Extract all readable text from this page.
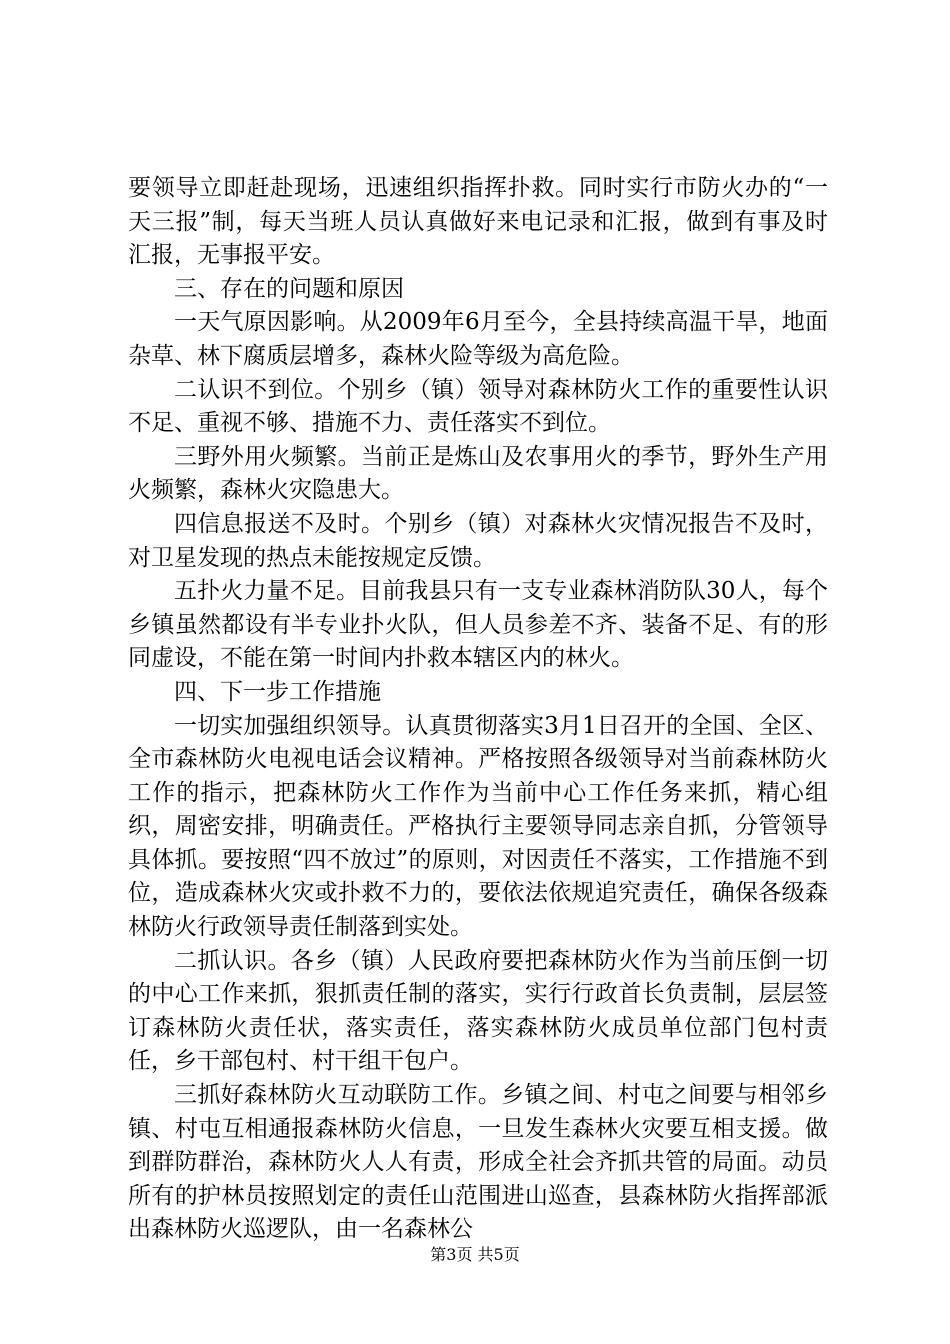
要领导立即赶赴现场，迅速组织指挥扑救。同时实行市防火办的“一天三报”制，每天当班人员认真做好来电记录和汇报，做到有事及时汇报，无事报平安。

三、存在的问题和原因

一天气原因影响。从2009年6月至今，全县持续高温干旱，地面杂草、林下腐质层增多，森林火险等级为高危险。

二认识不到位。个别乡（镇）领导对森林防火工作的重要性认识不足、重视不够、措施不力、责任落实不到位。

三野外用火频繁。当前正是炼山及农事用火的季节，野外生产用火频繁，森林火灾隐患大。

四信息报送不及时。个别乡（镇）对森林火灾情况报告不及时，对卫星发现的热点未能按规定反馈。

五扑火力量不足。目前我县只有一支专业森林消防队30人，每个乡镇虽然都设有半专业扑火队，但人员参差不齐、装备不足、有的形同虚设，不能在第一时间内扑救本辖区内的林火。

四、下一步工作措施

一切实加强组织领导。认真贯彻落实3月1日召开的全国、全区、全市森林防火电视电话会议精神。严格按照各级领导对当前森林防火工作的指示，把森林防火工作作为当前中心工作任务来抓，精心组织，周密安排，明确责任。严格执行主要领导同志亲自抓，分管领导具体抓。要按照“四不放过”的原则，对因责任不落实，工作措施不到位，造成森林火灾或扑救不力的，要依法依规追究责任，确保各级森林防火行政领导责任制落到实处。

二抓认识。各乡（镇）人民政府要把森林防火作为当前压倒一切的中心工作来抓，狠抓责任制的落实，实行行政首长负责制，层层签订森林防火责任状，落实责任，落实森林防火成员单位部门包村责任，乡干部包村、村干组干包户。

三抓好森林防火互动联防工作。乡镇之间、村屯之间要与相邻乡镇、村屯互相通报森林防火信息，一旦发生森林火灾要互相支援。做到群防群治，森林防火人人有责，形成全社会齐抓共管的局面。动员所有的护林员按照划定的责任山范围进山巡查，县森林防火指挥部派出森林防火巡逻队，由一名森林公

第3页 共5页
